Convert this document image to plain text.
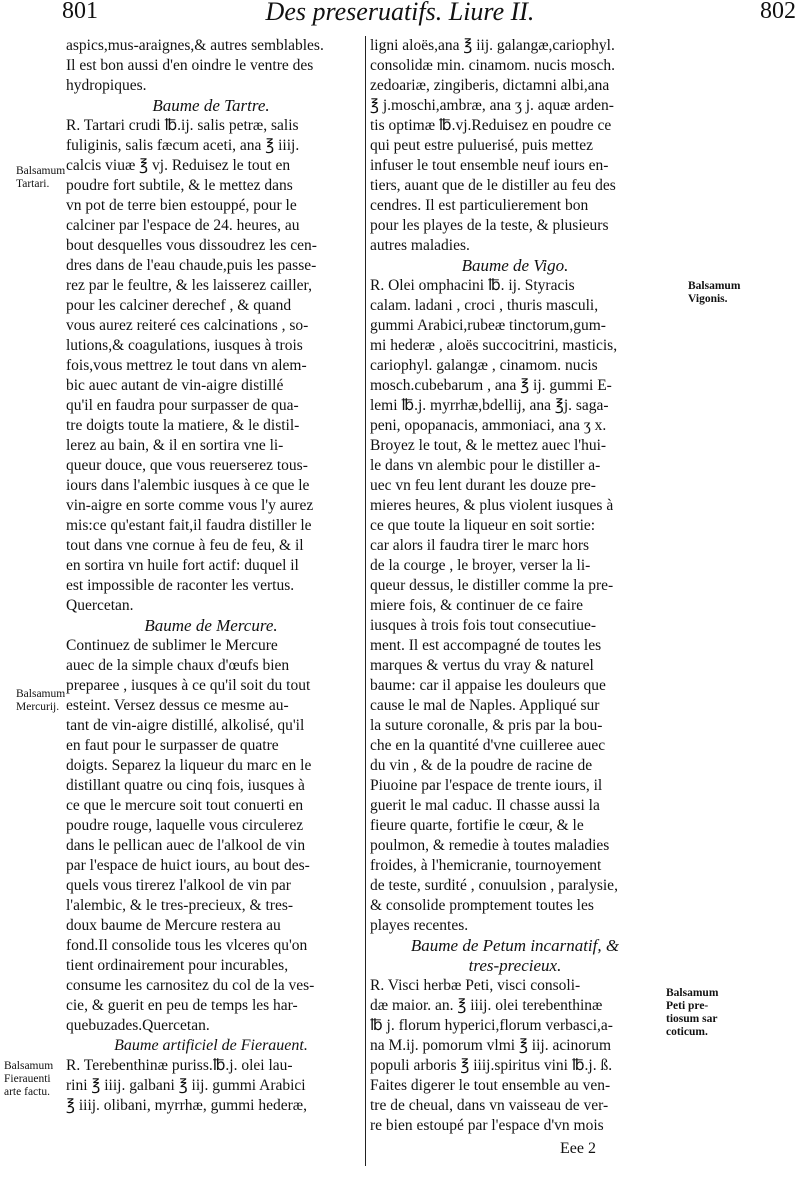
801	Des preseruatifs. Liure II.	802
aspics,mus-araignes,& autres semblables.
Il est bon aussi d'en oindre le ventre des
hydropiques.
Baume de Tartre.
R. Tartari crudi ℔.ij. salis petræ, salis
fuliginis, salis fæcum aceti, ana ℥ iiij.
calcis viuæ ℥ vj. Reduisez le tout en
poudre fort subtile, & le mettez dans
vn pot de terre bien estouppé, pour le
calciner par l'espace de 24. heures, au
bout desquelles vous dissoudrez les cen-
dres dans de l'eau chaude,puis les passe-
rez par le feultre, & les laisserez cailler,
pour les calciner derechef , & quand
vous aurez reiteré ces calcinations , so-
lutions,& coagulations, iusques à trois
fois,vous mettrez le tout dans vn alem-
bic auec autant de vin-aigre distillé
qu'il en faudra pour surpasser de qua-
tre doigts toute la matiere, & le distil-
lerez au bain, & il en sortira vne li-
queur douce, que vous reuerserez tous-
iours dans l'alembic iusques à ce que le
vin-aigre en sorte comme vous l'y aurez
mis:ce qu'estant fait,il faudra distiller le
tout dans vne cornue à feu de feu, & il
en sortira vn huile fort actif: duquel il
est impossible de raconter les vertus.
Quercetan.
Baume de Mercure.
Continuez de sublimer le Mercure
auec de la simple chaux d'œufs bien
preparee , iusques à ce qu'il soit du tout
esteint. Versez dessus ce mesme au-
tant de vin-aigre distillé, alkolisé, qu'il
en faut pour le surpasser de quatre
doigts. Separez la liqueur du marc en le
distillant quatre ou cinq fois, iusques à
ce que le mercure soit tout conuerti en
poudre rouge, laquelle vous circulerez
dans le pellican auec de l'alkool de vin
par l'espace de huict iours, au bout des-
quels vous tirerez l'alkool de vin par
l'alembic, & le tres-precieux, & tres-
doux baume de Mercure restera au
fond.Il consolide tous les vlceres qu'on
tient ordinairement pour incurables,
consume les carnositez du col de la ves-
cie, & guerit en peu de temps les har-
quebuzades.Quercetan.
Baume artificiel de Fierauent.
R. Terebenthinæ puriss.℔.j. olei lau-
rini ℥ iiij. galbani ℥ iij. gummi Arabici
℥ iiij. olibani, myrrhæ, gummi hederæ,
ligni aloës,ana ℥ iij. galangæ,cariophyl.
consolidæ min. cinamom. nucis mosch.
zedoariæ, zingiberis, dictamni albi,ana
℥ j.moschi,ambræ, ana ʒ j. aquæ arden-
tis optimæ ℔.vj.Reduisez en poudre ce
qui peut estre puluerisé, puis mettez
infuser le tout ensemble neuf iours en-
tiers, auant que de le distiller au feu des
cendres. Il est particulierement bon
pour les playes de la teste, & plusieurs
autres maladies.
Baume de Vigo.
R. Olei omphacini ℔. ij. Styracis
calam. ladani , croci , thuris masculi,
gummi Arabici,rubeæ tinctorum,gum-
mi hederæ , aloës succocitrini, masticis,
cariophyl. galangæ , cinamom. nucis
mosch.cubebarum , ana ℥ ij. gummi E-
lemi ℔.j. myrrhæ,bdellij, ana ℥j. saga-
peni, opopanacis, ammoniaci, ana ʒ x.
Broyez le tout, & le mettez auec l'hui-
le dans vn alembic pour le distiller a-
uec vn feu lent durant les douze pre-
mieres heures, & plus violent iusques à
ce que toute la liqueur en soit sortie:
car alors il faudra tirer le marc hors
de la courge , le broyer, verser la li-
queur dessus, le distiller comme la pre-
miere fois, & continuer de ce faire
iusques à trois fois tout consecutiue-
ment. Il est accompagné de toutes les
marques & vertus du vray & naturel
baume: car il appaise les douleurs que
cause le mal de Naples. Appliqué sur
la suture coronalle, & pris par la bou-
che en la quantité d'vne cuilleree auec
du vin , & de la poudre de racine de
Piuoine par l'espace de trente iours, il
guerit le mal caduc. Il chasse aussi la
fieure quarte, fortifie le cœur, & le
poulmon, & remedie à toutes maladies
froides, à l'hemicranie, tournoyement
de teste, surdité , conuulsion , paralysie,
& consolide promptement toutes les
playes recentes.
Baume de Petum incarnatif, &
tres-precieux.
R. Visci herbæ Peti, visci consoli-
dæ maior. an. ℥ iiij. olei terebenthinæ
℔ j. florum hyperici,florum verbasci,a-
na M.ij. pomorum vlmi ℥ iij. acinorum
populi arboris ℥ iiij.spiritus vini ℔.j. ß.
Faites digerer le tout ensemble au ven-
tre de cheual, dans vn vaisseau de ver-
re bien estoupé par l'espace d'vn mois
Balsamum
Tartari.
Balsamum
Mercurij.
Balsamum
Fierauenti
arte factu.
Balsamum
Vigonis.
Balsamum
Peti pre-
tiosum sar
coticum.
Eee 2
